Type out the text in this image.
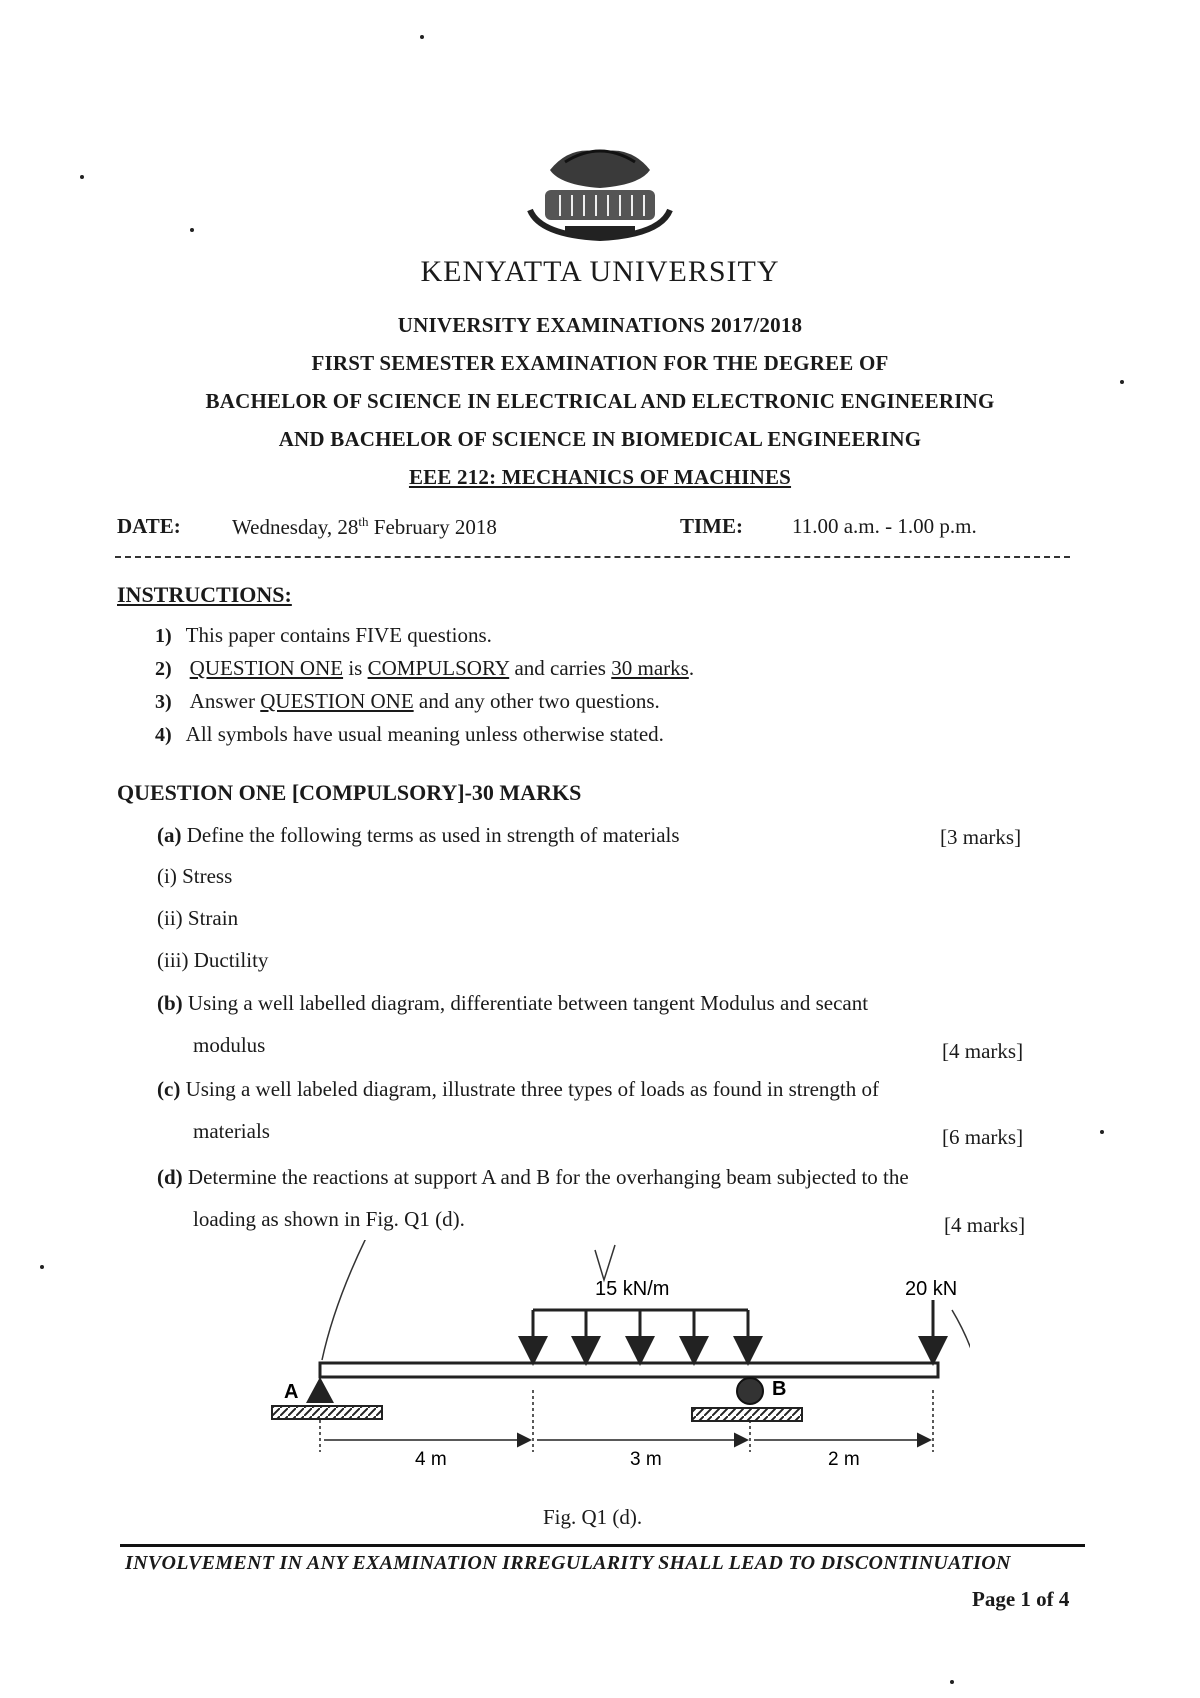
KENYATTA UNIVERSITY
UNIVERSITY EXAMINATIONS 2017/2018
FIRST SEMESTER EXAMINATION FOR THE DEGREE OF
BACHELOR OF SCIENCE IN ELECTRICAL AND ELECTRONIC ENGINEERING
AND BACHELOR OF SCIENCE IN BIOMEDICAL ENGINEERING
EEE 212: MECHANICS OF MACHINES
DATE: Wednesday, 28th February 2018	TIME: 11.00 a.m. - 1.00 p.m.
INSTRUCTIONS:
1) This paper contains FIVE questions.
2) QUESTION ONE is COMPULSORY and carries 30 marks.
3) Answer QUESTION ONE and any other two questions.
4) All symbols have usual meaning unless otherwise stated.
QUESTION ONE [COMPULSORY]-30 MARKS
(a) Define the following terms as used in strength of materials	[3 marks]
(i) Stress
(ii) Strain
(iii) Ductility
(b) Using a well labelled diagram, differentiate between tangent Modulus and secant
modulus	[4 marks]
(c) Using a well labeled diagram, illustrate three types of loads as found in strength of
materials	[6 marks]
(d) Determine the reactions at support A and B for the overhanging beam subjected to the
loading as shown in Fig. Q1 (d).	[4 marks]
15 kN/m	20 kN
A	B
4 m	3 m	2 m
Fig. Q1 (d).
INVOLVEMENT IN ANY EXAMINATION IRREGULARITY SHALL LEAD TO DISCONTINUATION
Page 1 of 4
